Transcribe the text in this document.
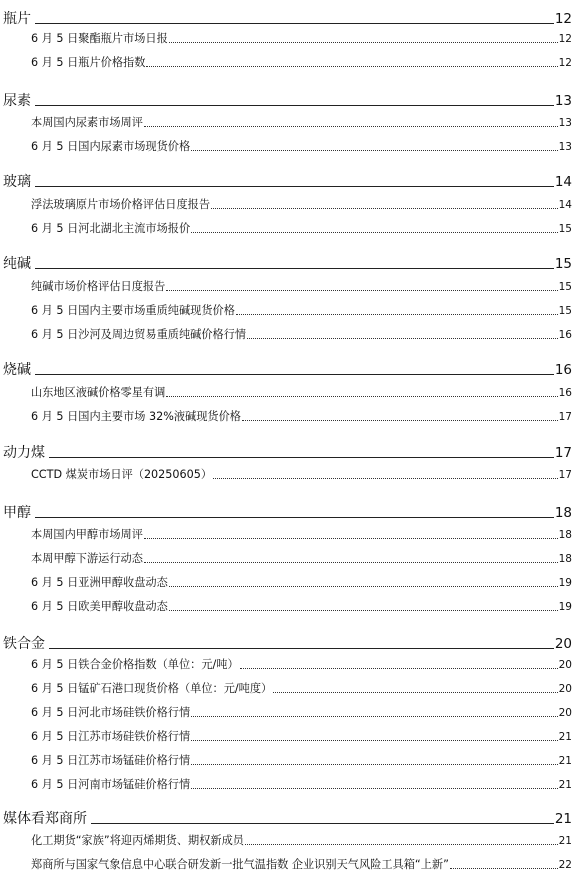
瓶片	12
6 月 5 日聚酯瓶片市场日报	12
6 月 5 日瓶片价格指数	12
尿素	13
本周国内尿素市场周评	13
6 月 5 日国内尿素市场现货价格	13
玻璃	14
浮法玻璃原片市场价格评估日度报告	14
6 月 5 日河北湖北主流市场报价	15
纯碱	15
纯碱市场价格评估日度报告	15
6 月 5 日国内主要市场重质纯碱现货价格	15
6 月 5 日沙河及周边贸易重质纯碱价格行情	16
烧碱	16
山东地区液碱价格零星有调	16
6 月 5 日国内主要市场 32%液碱现货价格	17
动力煤	17
CCTD 煤炭市场日评（20250605）	17
甲醇	18
本周国内甲醇市场周评	18
本周甲醇下游运行动态	18
6 月 5 日亚洲甲醇收盘动态	19
6 月 5 日欧美甲醇收盘动态	19
铁合金	20
6 月 5 日铁合金价格指数（单位：元/吨）	20
6 月 5 日锰矿石港口现货价格（单位：元/吨度）	20
6 月 5 日河北市场硅铁价格行情	20
6 月 5 日江苏市场硅铁价格行情	21
6 月 5 日江苏市场锰硅价格行情	21
6 月 5 日河南市场锰硅价格行情	21
媒体看郑商所	21
化工期货“家族”将迎丙烯期货、期权新成员	21
郑商所与国家气象信息中心联合研发新一批气温指数 企业识别天气风险工具箱“上新”	22
